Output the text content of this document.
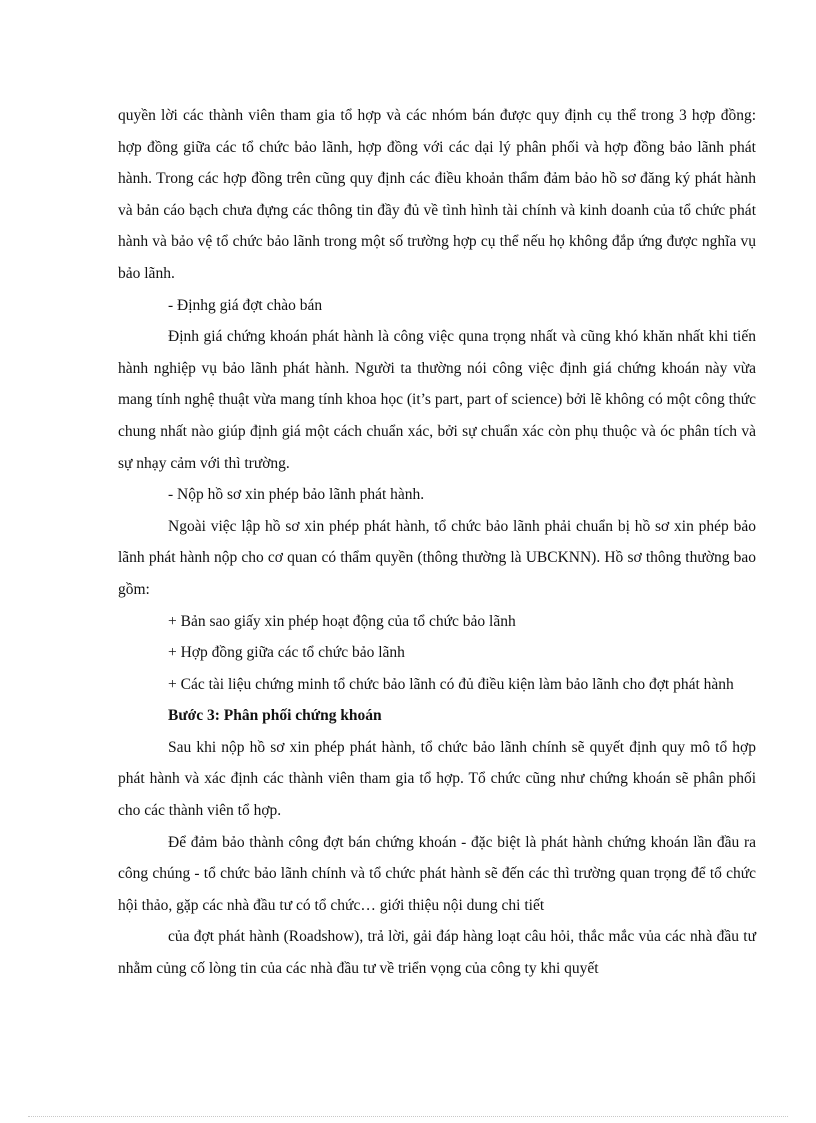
quyền lời các thành viên tham gia tổ hợp và các nhóm bán được quy định cụ thể trong 3 hợp đồng: hợp đồng giữa các tổ chức bảo lãnh, hợp đồng với các dại lý phân phối và hợp đồng bảo lãnh phát hành. Trong các hợp đồng trên cũng quy định các điều khoản thẩm đảm bảo hồ sơ đăng ký phát hành và bản cáo bạch chưa đựng các thông tin đầy đủ về tình hình tài chính và kinh doanh của tổ chức phát hành và bảo vệ tổ chức bảo lãnh trong một số trường hợp cụ thể nếu họ không đắp ứng được nghĩa vụ bảo lãnh.

- Địnhg giá đợt chào bán

Định giá chứng khoán phát hành là công việc quna trọng nhất và cũng khó khăn nhất khi tiến hành nghiệp vụ bảo lãnh phát hành. Người ta thường nói công việc định giá chứng khoán này vừa mang tính nghệ thuật vừa mang tính khoa học (it’s part, part of science) bởi lẽ không có một công thức chung nhất nào giúp định giá một cách chuẩn xác, bởi sự chuẩn xác còn phụ thuộc và óc phân tích và sự nhạy cảm với thì trường.

- Nộp hồ sơ xin phép bảo lãnh phát hành.

Ngoài việc lập hồ sơ xin phép phát hành, tổ chức bảo lãnh phải chuẩn bị hồ sơ xin phép bảo lãnh phát hành nộp cho cơ quan có thẩm quyền (thông thường là UBCKNN). Hồ sơ thông thường bao gồm:

+ Bản sao giấy xin phép hoạt động của tổ chức bảo lãnh

+ Hợp đồng giữa các tổ chức bảo lãnh

+ Các tài liệu chứng minh tổ chức bảo lãnh có đủ điều kiện làm bảo lãnh cho đợt phát hành

Bước 3: Phân phối chứng khoán

Sau khi nộp hồ sơ xin phép phát hành, tổ chức bảo lãnh chính sẽ quyết định quy mô tổ hợp phát hành và xác định các thành viên tham gia tổ hợp. Tổ chức cũng như chứng khoán sẽ phân phối cho các thành viên tổ hợp.

Để đảm bảo thành công đợt bán chứng khoán - đặc biệt là phát hành chứng khoán lần đầu ra công chúng - tổ chức bảo lãnh chính và tổ chức phát hành sẽ đến các thì trường quan trọng để tổ chức hội thảo, gặp các nhà đầu tư có tổ chức… giới thiệu nội dung chi tiết

của đợt phát hành (Roadshow), trả lời, gải đáp hàng loạt câu hỏi, thắc mắc vủa các nhà đầu tư nhằm củng cố lòng tin của các nhà đầu tư về triển vọng của công ty khi quyết
